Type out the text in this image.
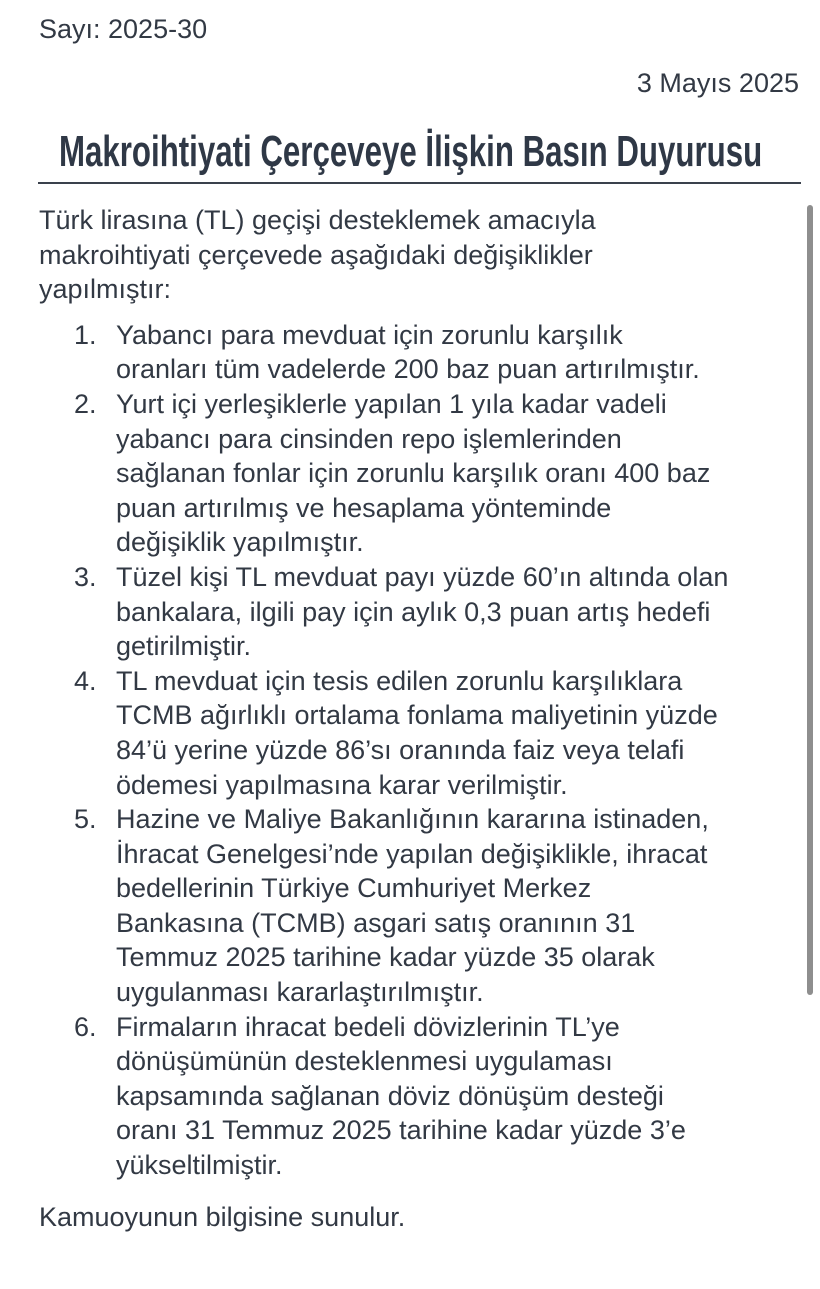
Sayı: 2025-30
3 Mayıs 2025
Makroihtiyati Çerçeveye İlişkin Basın Duyurusu

Türk lirasına (TL) geçişi desteklemek amacıyla
makroihtiyati çerçevede aşağıdaki değişiklikler
yapılmıştır:

1. Yabancı para mevduat için zorunlu karşılık
oranları tüm vadelerde 200 baz puan artırılmıştır.
2. Yurt içi yerleşiklerle yapılan 1 yıla kadar vadeli
yabancı para cinsinden repo işlemlerinden
sağlanan fonlar için zorunlu karşılık oranı 400 baz
puan artırılmış ve hesaplama yönteminde
değişiklik yapılmıştır.
3. Tüzel kişi TL mevduat payı yüzde 60’ın altında olan
bankalara, ilgili pay için aylık 0,3 puan artış hedefi
getirilmiştir.
4. TL mevduat için tesis edilen zorunlu karşılıklara
TCMB ağırlıklı ortalama fonlama maliyetinin yüzde
84’ü yerine yüzde 86’sı oranında faiz veya telafi
ödemesi yapılmasına karar verilmiştir.
5. Hazine ve Maliye Bakanlığının kararına istinaden,
İhracat Genelgesi’nde yapılan değişiklikle, ihracat
bedellerinin Türkiye Cumhuriyet Merkez
Bankasına (TCMB) asgari satış oranının 31
Temmuz 2025 tarihine kadar yüzde 35 olarak
uygulanması kararlaştırılmıştır.
6. Firmaların ihracat bedeli dövizlerinin TL’ye
dönüşümünün desteklenmesi uygulaması
kapsamında sağlanan döviz dönüşüm desteği
oranı 31 Temmuz 2025 tarihine kadar yüzde 3’e
yükseltilmiştir.

Kamuoyunun bilgisine sunulur.
